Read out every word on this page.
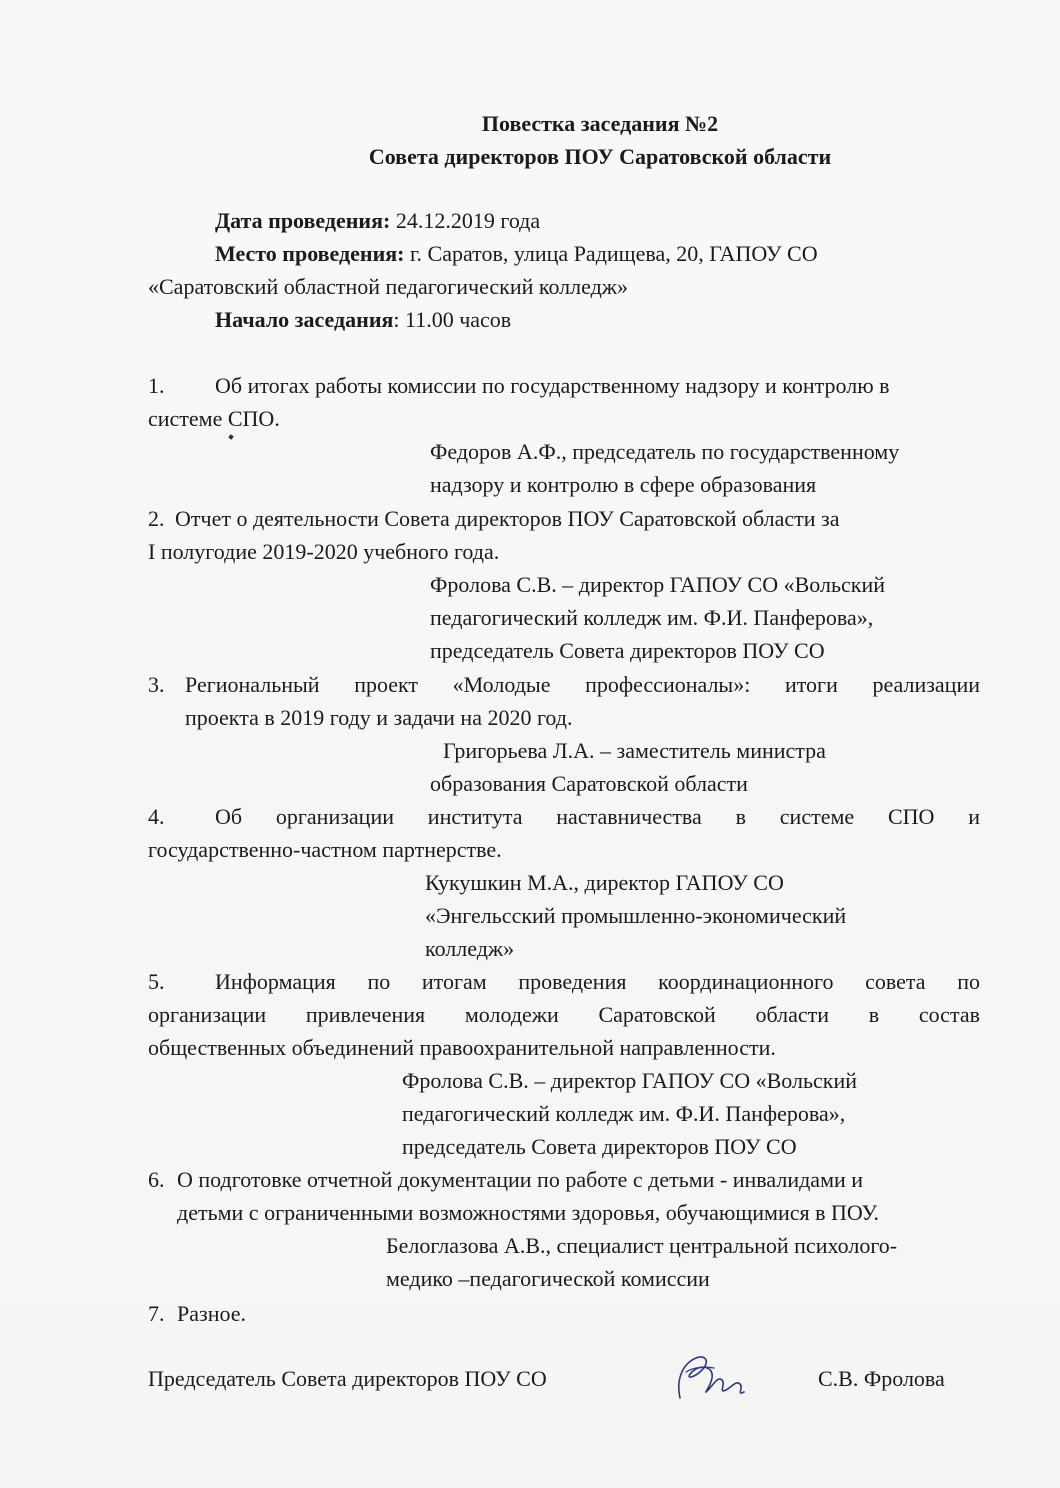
Повестка заседания №2
Совета директоров ПОУ Саратовской области
Дата проведения: 24.12.2019 года
Место проведения: г. Саратов, улица Радищева, 20, ГАПОУ СО
«Саратовский областной педагогический колледж»
Начало заседания: 11.00 часов
1. Об итогах работы комиссии по государственному надзору и контролю в
системе СПО.
Федоров А.Ф., председатель по государственному
надзору и контролю в сфере образования
2. Отчет о деятельности Совета директоров ПОУ Саратовской области за
I полугодие 2019-2020 учебного года.
Фролова С.В. – директор ГАПОУ СО «Вольский
педагогический колледж им. Ф.И. Панферова»,
председатель Совета директоров ПОУ СО
3. Региональный проект «Молодые профессионалы»: итоги реализации
проекта в 2019 году и задачи на 2020 год.
Григорьева Л.А. – заместитель министра
образования Саратовской области
4. Об организации института наставничества в системе СПО и
государственно-частном партнерстве.
Кукушкин М.А., директор ГАПОУ СО
«Энгельсский промышленно-экономический
колледж»
5. Информация по итогам проведения координационного совета по
организации привлечения молодежи Саратовской области в состав
общественных объединений правоохранительной направленности.
Фролова С.В. – директор ГАПОУ СО «Вольский
педагогический колледж им. Ф.И. Панферова»,
председатель Совета директоров ПОУ СО
6. О подготовке отчетной документации по работе с детьми - инвалидами и
детьми с ограниченными возможностями здоровья, обучающимися в ПОУ.
Белоглазова А.В., специалист центральной психолого-
медико –педагогической комиссии
7. Разное.
Председатель Совета директоров ПОУ СО	С.В. Фролова
